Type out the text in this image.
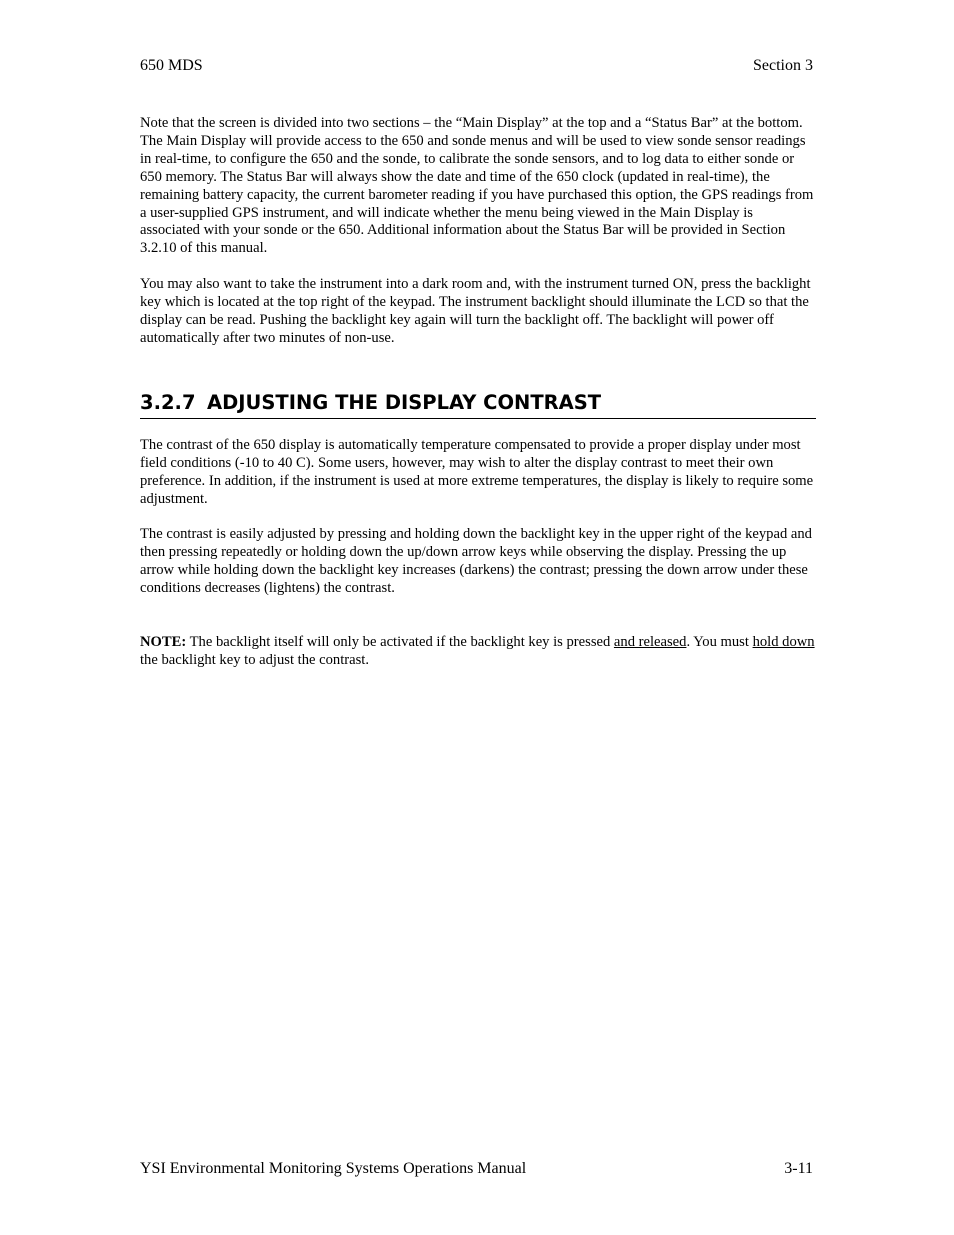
650 MDS	Section 3

Note that the screen is divided into two sections – the “Main Display” at the top and a “Status Bar” at the bottom. The Main Display will provide access to the 650 and sonde menus and will be used to view sonde sensor readings in real-time, to configure the 650 and the sonde, to calibrate the sonde sensors, and to log data to either sonde or 650 memory. The Status Bar will always show the date and time of the 650 clock (updated in real-time), the remaining battery capacity, the current barometer reading if you have purchased this option, the GPS readings from a user-supplied GPS instrument, and will indicate whether the menu being viewed in the Main Display is associated with your sonde or the 650. Additional information about the Status Bar will be provided in Section 3.2.10 of this manual.

You may also want to take the instrument into a dark room and, with the instrument turned ON, press the backlight key which is located at the top right of the keypad. The instrument backlight should illuminate the LCD so that the display can be read. Pushing the backlight key again will turn the backlight off. The backlight will power off automatically after two minutes of non-use.

3.2.7 ADJUSTING THE DISPLAY CONTRAST

The contrast of the 650 display is automatically temperature compensated to provide a proper display under most field conditions (-10 to 40 C). Some users, however, may wish to alter the display contrast to meet their own preference. In addition, if the instrument is used at more extreme temperatures, the display is likely to require some adjustment.

The contrast is easily adjusted by pressing and holding down the backlight key in the upper right of the keypad and then pressing repeatedly or holding down the up/down arrow keys while observing the display. Pressing the up arrow while holding down the backlight key increases (darkens) the contrast; pressing the down arrow under these conditions decreases (lightens) the contrast.

NOTE: The backlight itself will only be activated if the backlight key is pressed and released. You must hold down the backlight key to adjust the contrast.

YSI Environmental Monitoring Systems Operations Manual	3-11
